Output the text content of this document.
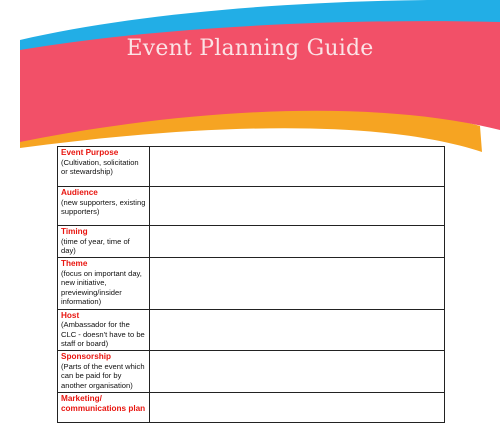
Event Planning Guide
Event Purpose
(Cultivation, solicitation or stewardship)	

Audience
(new supporters, existing supporters)	

Timing
(time of year, time of day)	

Theme
(focus on important day, new initiative, previewing/insider information)	

Host
(Ambassador for the CLC - doesn't have to be staff or board)	

Sponsorship
(Parts of the event which can be paid for by another organisation)	

Marketing/ communications plan	
